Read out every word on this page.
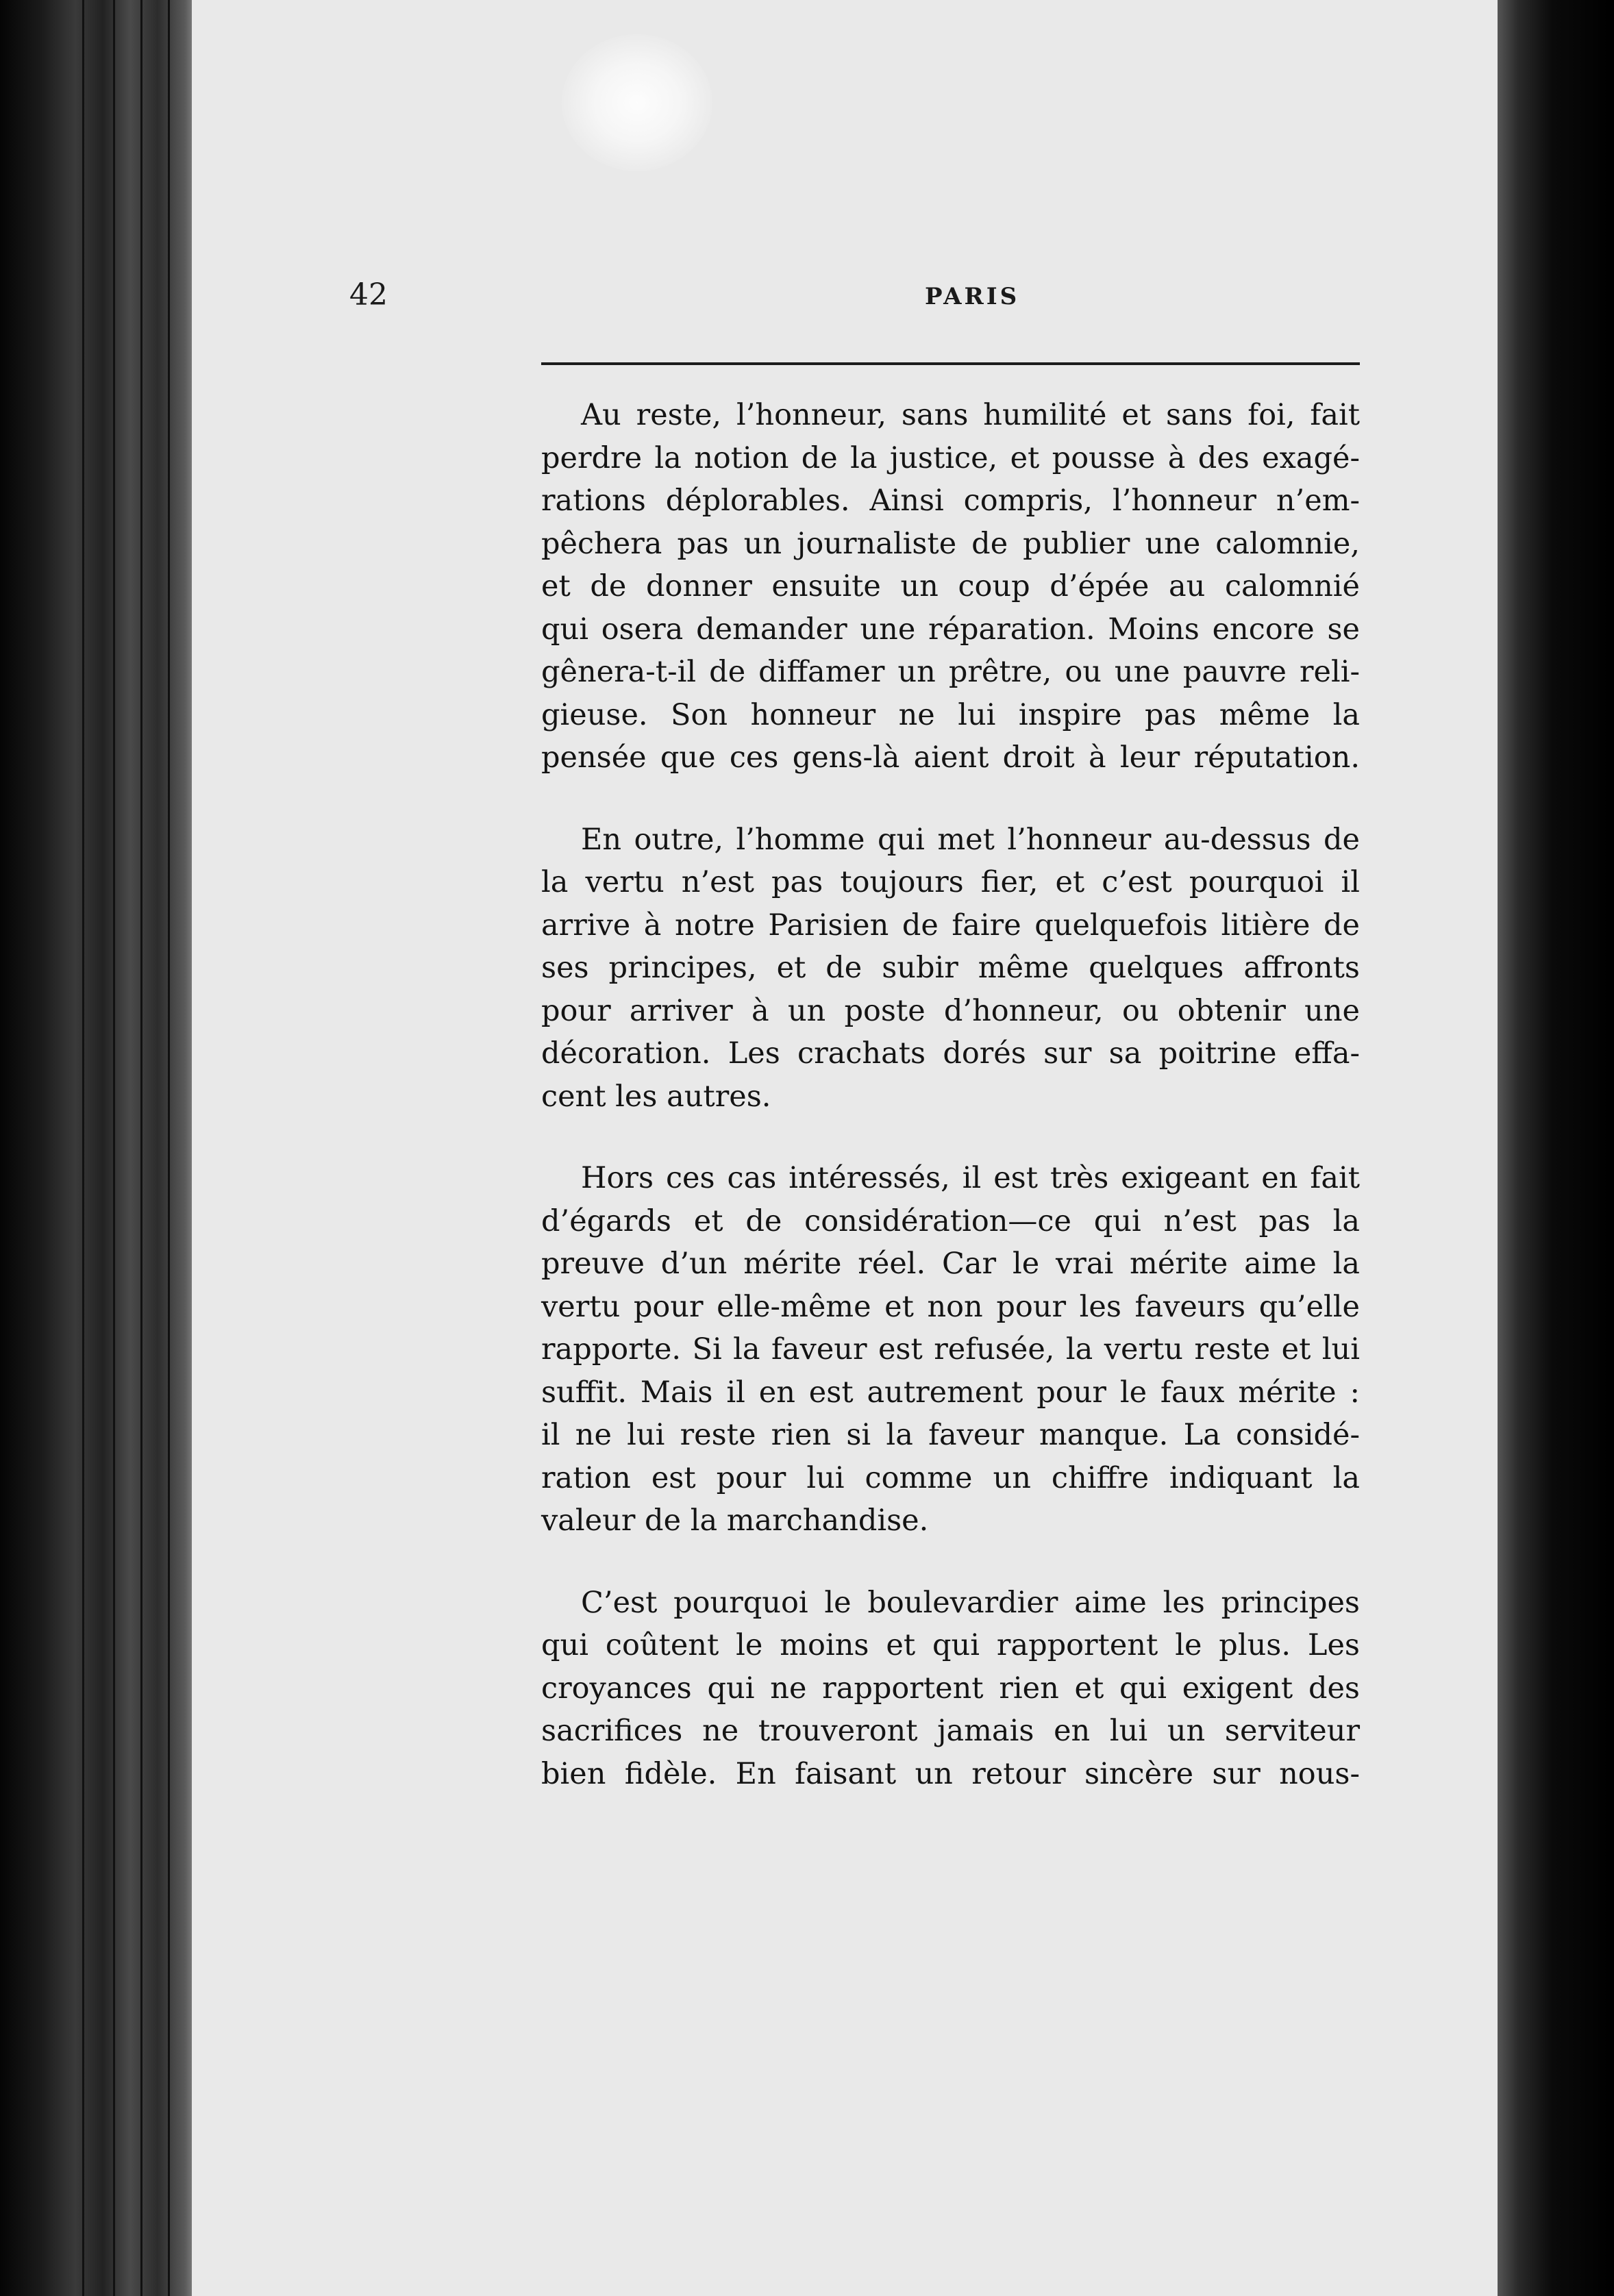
42	PARIS
Au reste, l’honneur, sans humilité et sans foi, fait
perdre la notion de la justice, et pousse à des exagé-
rations déplorables. Ainsi compris, l’honneur n’em-
pêchera pas un journaliste de publier une calomnie,
et de donner ensuite un coup d’épée au calomnié
qui osera demander une réparation. Moins encore se
gênera-t-il de diffamer un prêtre, ou une pauvre reli-
gieuse. Son honneur ne lui inspire pas même la
pensée que ces gens-là aient droit à leur réputation.
En outre, l’homme qui met l’honneur au-dessus de
la vertu n’est pas toujours fier, et c’est pourquoi il
arrive à notre Parisien de faire quelquefois litière de
ses principes, et de subir même quelques affronts
pour arriver à un poste d’honneur, ou obtenir une
décoration. Les crachats dorés sur sa poitrine effa-
cent les autres.
Hors ces cas intéressés, il est très exigeant en fait
d’égards et de considération—ce qui n’est pas la
preuve d’un mérite réel. Car le vrai mérite aime la
vertu pour elle-même et non pour les faveurs qu’elle
rapporte. Si la faveur est refusée, la vertu reste et lui
suffit. Mais il en est autrement pour le faux mérite :
il ne lui reste rien si la faveur manque. La considé-
ration est pour lui comme un chiffre indiquant la
valeur de la marchandise.
C’est pourquoi le boulevardier aime les principes
qui coûtent le moins et qui rapportent le plus. Les
croyances qui ne rapportent rien et qui exigent des
sacrifices ne trouveront jamais en lui un serviteur
bien fidèle. En faisant un retour sincère sur nous-
